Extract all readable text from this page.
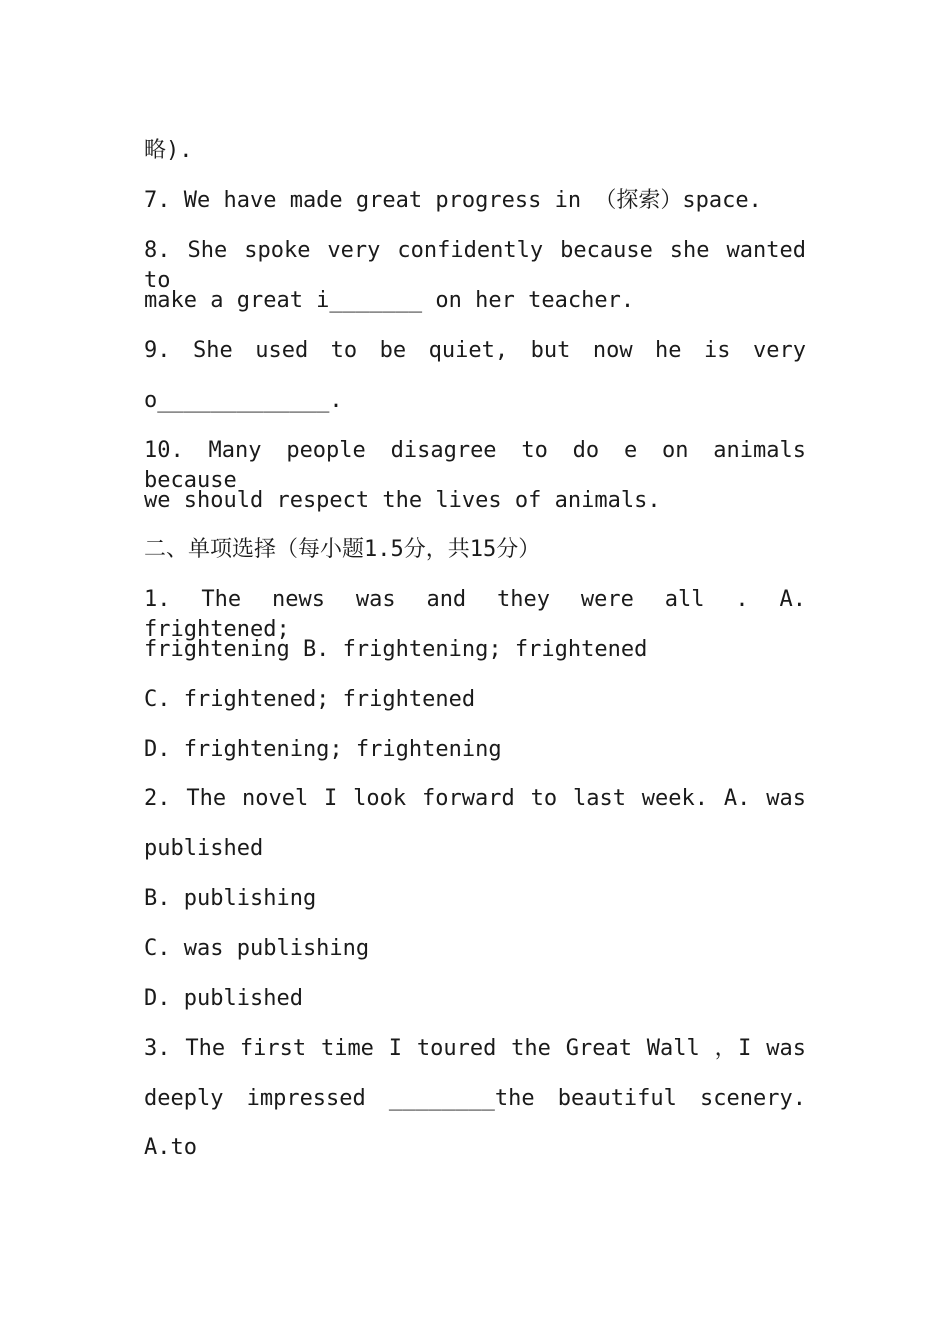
略).
7. We have made great progress in （探索）space.
8. She spoke very confidently because she wanted to
make a great i_______ on her teacher.
9. She used to be quiet, but now he is very
o_____________.
10. Many people disagree to do e on animals because
we should respect the lives of animals.
二、单项选择（每小题1.5分，共15分）
1. The news was and they were all . A. frightened;
frightening B. frightening; frightened
C. frightened; frightened
D. frightening; frightening
2. The novel I look forward to last week. A. was
published
B. publishing
C. was publishing
D. published
3. The first time I toured the Great Wall ，I was
deeply impressed ________the beautiful scenery.
A.to
